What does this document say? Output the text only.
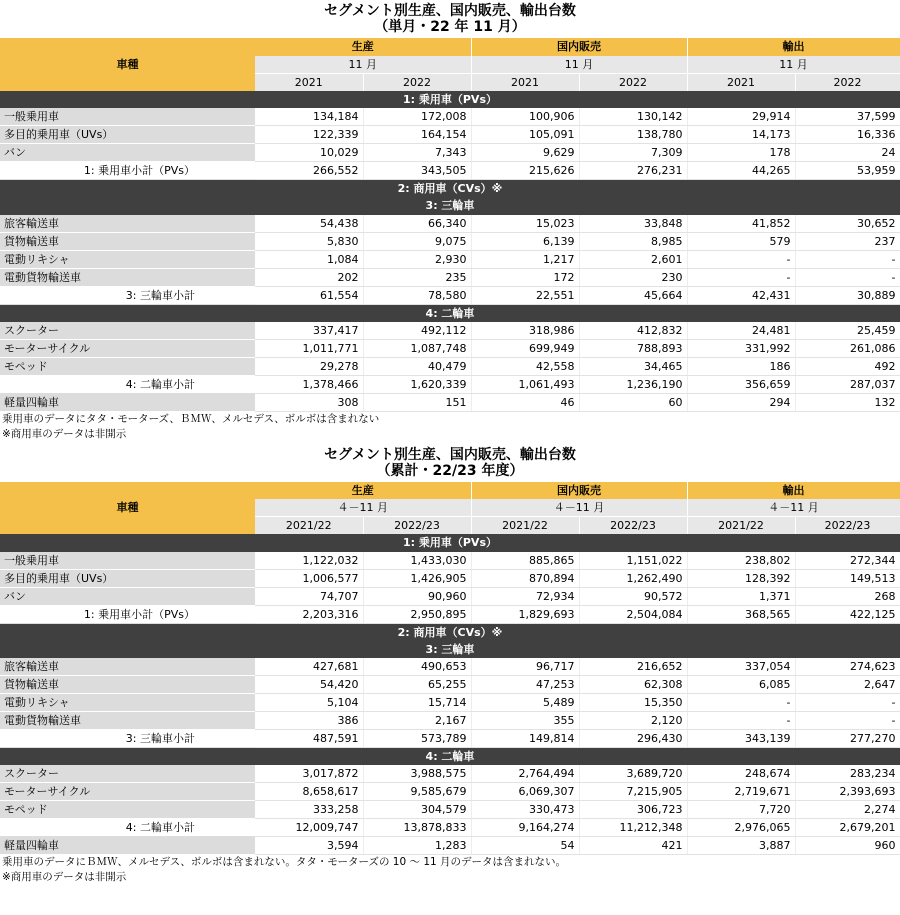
セグメント別生産、国内販売、輸出台数
（単月・22 年 11 月）
車種	生産		国内販売		輸出	
	11 月		11 月		11 月	
	2021	2022	2021	2022	2021	2022
1: 乗用車（PVs）						
一般乗用車	134,184	172,008	100,906	130,142	29,914	37,599
多目的乗用車（UVs）	122,339	164,154	105,091	138,780	14,173	16,336
バン	10,029	7,343	9,629	7,309	178	24
1: 乗用車小計（PVs）	266,552	343,505	215,626	276,231	44,265	53,959
2: 商用車（CVs）※						
3: 三輪車						
旅客輸送車	54,438	66,340	15,023	33,848	41,852	30,652
貨物輸送車	5,830	9,075	6,139	8,985	579	237
電動リキシャ	1,084	2,930	1,217	2,601	-	-
電動貨物輸送車	202	235	172	230	-	-
3: 三輪車小計	61,554	78,580	22,551	45,664	42,431	30,889
4: 二輪車						
スクーター	337,417	492,112	318,986	412,832	24,481	25,459
モーターサイクル	1,011,771	1,087,748	699,949	788,893	331,992	261,086
モペッド	29,278	40,479	42,558	34,465	186	492
4: 二輪車小計	1,378,466	1,620,339	1,061,493	1,236,190	356,659	287,037
軽量四輪車	308	151	46	60	294	132
乗用車のデータにタタ・モーターズ、ＢＭＷ、メルセデス、ボルボは含まれない
※商用車のデータは非開示
セグメント別生産、国内販売、輸出台数
（累計・22/23 年度）
車種	生産		国内販売		輸出	
	４－11 月		４－11 月		４－11 月	
	2021/22	2022/23	2021/22	2022/23	2021/22	2022/23
1: 乗用車（PVs）						
一般乗用車	1,122,032	1,433,030	885,865	1,151,022	238,802	272,344
多目的乗用車（UVs）	1,006,577	1,426,905	870,894	1,262,490	128,392	149,513
バン	74,707	90,960	72,934	90,572	1,371	268
1: 乗用車小計（PVs）	2,203,316	2,950,895	1,829,693	2,504,084	368,565	422,125
2: 商用車（CVs）※						
3: 三輪車						
旅客輸送車	427,681	490,653	96,717	216,652	337,054	274,623
貨物輸送車	54,420	65,255	47,253	62,308	6,085	2,647
電動リキシャ	5,104	15,714	5,489	15,350	-	-
電動貨物輸送車	386	2,167	355	2,120	-	-
3: 三輪車小計	487,591	573,789	149,814	296,430	343,139	277,270
4: 二輪車						
スクーター	3,017,872	3,988,575	2,764,494	3,689,720	248,674	283,234
モーターサイクル	8,658,617	9,585,679	6,069,307	7,215,905	2,719,671	2,393,693
モペッド	333,258	304,579	330,473	306,723	7,720	2,274
4: 二輪車小計	12,009,747	13,878,833	9,164,274	11,212,348	2,976,065	2,679,201
軽量四輪車	3,594	1,283	54	421	3,887	960
乗用車のデータにＢＭＷ、メルセデス、ボルボは含まれない。タタ・モーターズの 10 ～ 11 月のデータは含まれない。
※商用車のデータは非開示
